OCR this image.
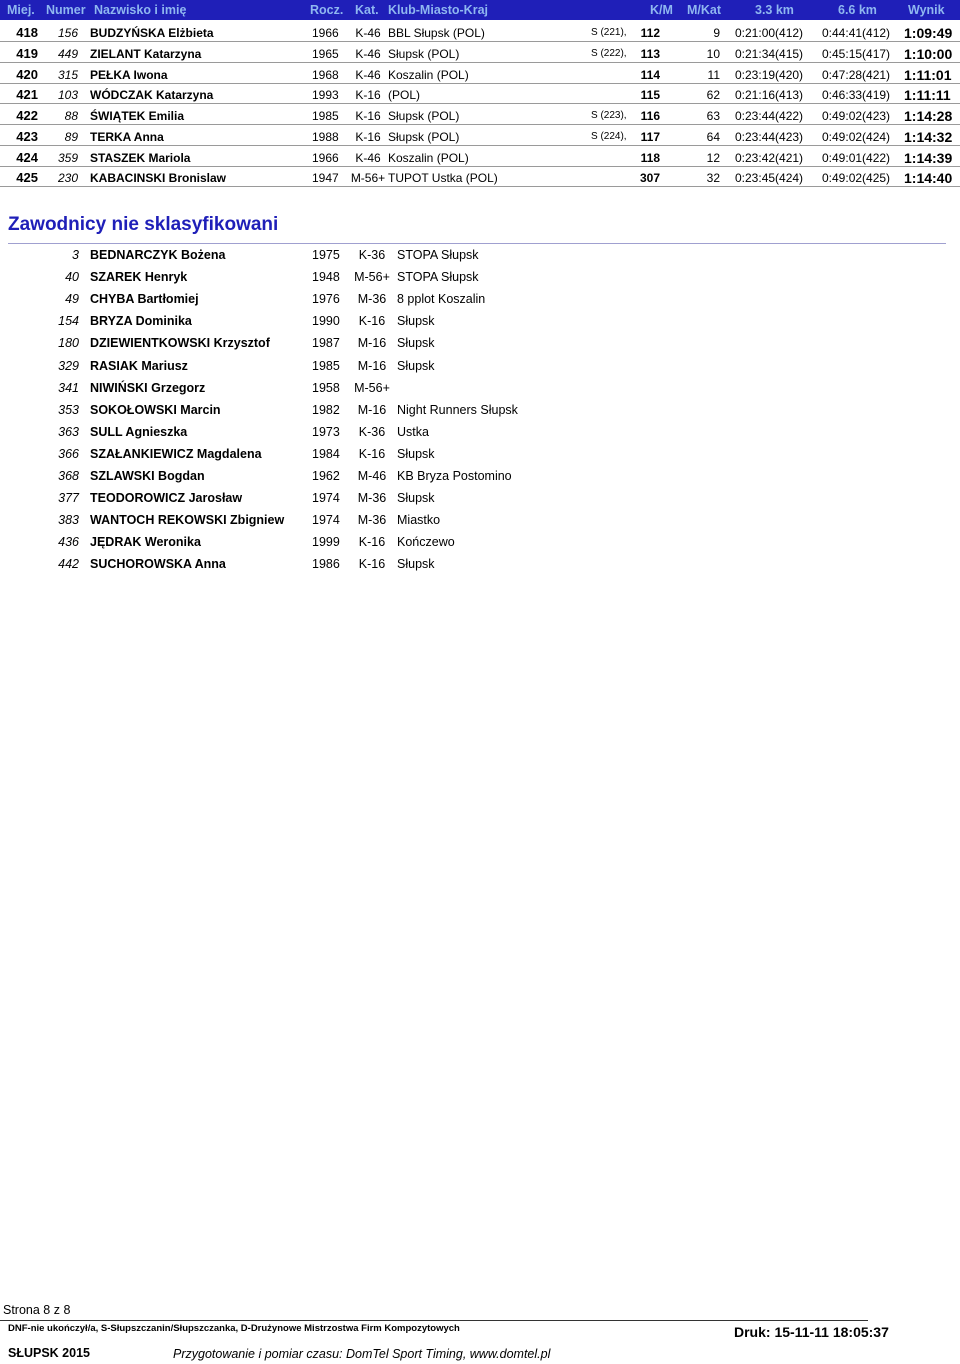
Miej. Numer Nazwisko i imię	Rocz. Kat. Klub-Miasto-Kraj	K/M M/Kat	3.3 km	6.6 km Wynik
418	156 BUDZYŃSKA Elżbieta	1966	K-46 BBL Słupsk (POL)	S (221),	112	9 0:21:00(412) 0:44:41(412) 1:09:49
419	449 ZIELANT Katarzyna	1965	K-46 Słupsk (POL)	S (222),	113	10 0:21:34(415) 0:45:15(417) 1:10:00
420	315 PEŁKA Iwona	1968	K-46 Koszalin (POL)	114	11 0:23:19(420) 0:47:28(421) 1:11:01
421	103 WÓDCZAK Katarzyna	1993	K-16 (POL)	115	62 0:21:16(413) 0:46:33(419) 1:11:11
422	88 ŚWIĄTEK Emilia	1985	K-16 Słupsk (POL)	S (223),	116	63 0:23:44(422) 0:49:02(423) 1:14:28
423	89 TERKA Anna	1988	K-16 Słupsk (POL)	S (224),	117	64 0:23:44(423) 0:49:02(424) 1:14:32
424	359 STASZEK Mariola	1966	K-46 Koszalin (POL)	118	12 0:23:42(421) 0:49:01(422) 1:14:39
425	230 KABACINSKI Bronislaw	1947 M-56+ TUPOT Ustka (POL)	307	32 0:23:45(424) 0:49:02(425) 1:14:40
Zawodnicy nie sklasyfikowani
3 BEDNARCZYK Bożena	1975	K-36 STOPA Słupsk
40 SZAREK Henryk	1948 M-56+ STOPA Słupsk
49 CHYBA Bartłomiej	1976	M-36 8 pplot Koszalin
154 BRYZA Dominika	1990	K-16 Słupsk
180 DZIEWIENTKOWSKI Krzysztof	1987	M-16 Słupsk
329 RASIAK Mariusz	1985	M-16 Słupsk
341 NIWIŃSKI Grzegorz	1958 M-56+
353 SOKOŁOWSKI Marcin	1982	M-16 Night Runners Słupsk
363 SULL Agnieszka	1973	K-36 Ustka
366 SZAŁANKIEWICZ Magdalena	1984	K-16 Słupsk
368 SZLAWSKI Bogdan	1962	M-46 KB Bryza Postomino
377 TEODOROWICZ Jarosław	1974	M-36 Słupsk
383 WANTOCH REKOWSKI Zbigniew 1974	M-36 Miastko
436 JĘDRAK Weronika	1999	K-16 Kończewo
442 SUCHOROWSKA Anna	1986	K-16 Słupsk
Strona 8 z 8
DNF-nie ukończył/a, S-Słupszczanin/Słupszczanka, D-Drużynowe Mistrzostwa Firm Kompozytowych	Druk: 15-11-11 18:05:37
SŁUPSK 2015	Przygotowanie i pomiar czasu: DomTel Sport Timing, www.domtel.pl
